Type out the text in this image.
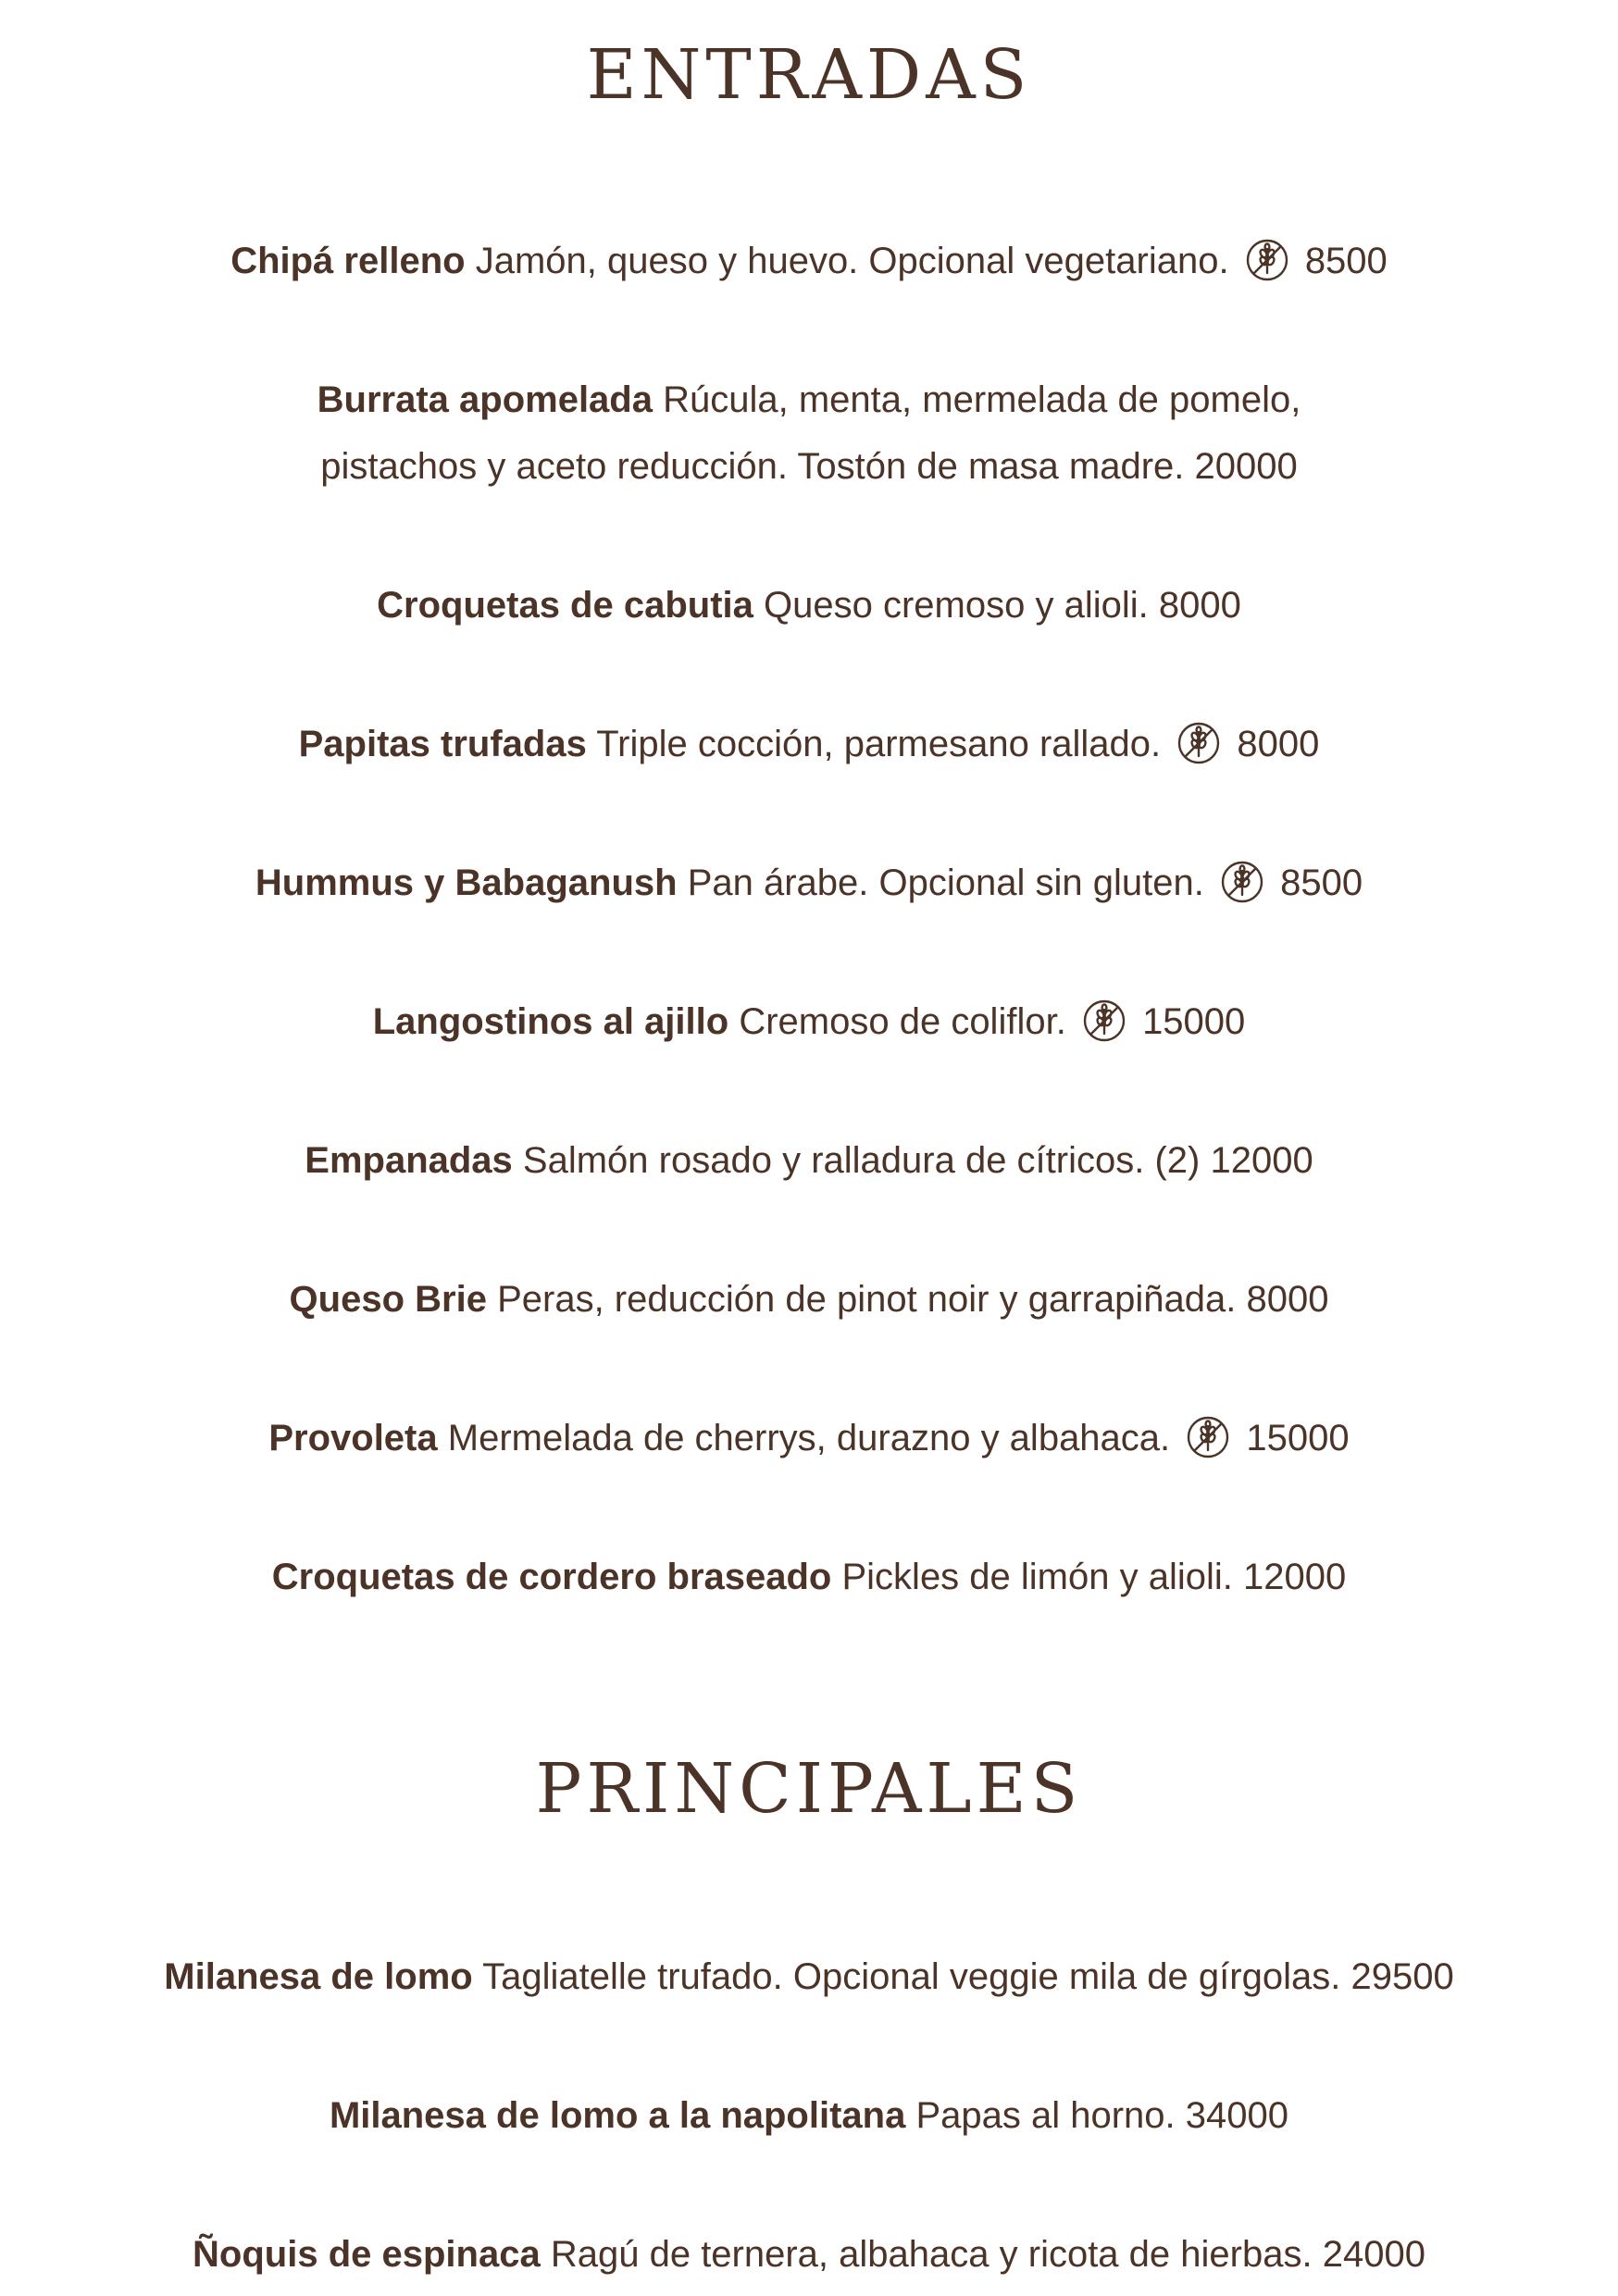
ENTRADAS

Chipá relleno Jamón, queso y huevo. Opcional vegetariano. 8500

Burrata apomelada Rúcula, menta, mermelada de pomelo,
pistachos y aceto reducción. Tostón de masa madre. 20000

Croquetas de cabutia Queso cremoso y alioli. 8000

Papitas trufadas Triple cocción, parmesano rallado. 8000

Hummus y Babaganush Pan árabe. Opcional sin gluten. 8500

Langostinos al ajillo Cremoso de coliflor. 15000

Empanadas Salmón rosado y ralladura de cítricos. (2) 12000

Queso Brie Peras, reducción de pinot noir y garrapiñada. 8000

Provoleta Mermelada de cherrys, durazno y albahaca. 15000

Croquetas de cordero braseado Pickles de limón y alioli. 12000

PRINCIPALES

Milanesa de lomo Tagliatelle trufado. Opcional veggie mila de gírgolas. 29500

Milanesa de lomo a la napolitana Papas al horno. 34000

Ñoquis de espinaca Ragú de ternera, albahaca y ricota de hierbas. 24000
